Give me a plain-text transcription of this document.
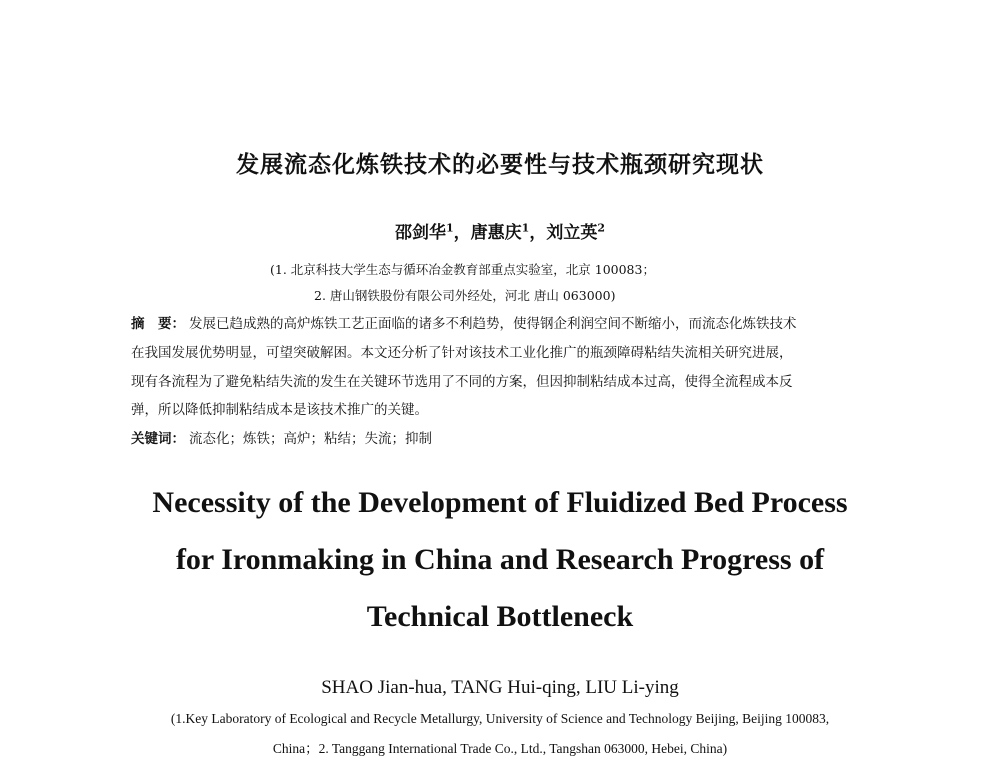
发展流态化炼铁技术的必要性与技术瓶颈研究现状
邵剑华$^1$，唐惠庆$^1$，刘立英$^2$
(1. 北京科技大学生态与循环冶金教育部重点实验室，北京 100083；
2. 唐山钢铁股份有限公司外经处，河北 唐山 063000)
摘　要： 发展已趋成熟的高炉炼铁工艺正面临的诸多不利趋势，使得钢企利润空间不断缩小，而流态化炼铁技术
在我国发展优势明显，可望突破解困。本文还分析了针对该技术工业化推广的瓶颈障碍粘结失流相关研究进展，
现有各流程为了避免粘结失流的发生在关键环节选用了不同的方案，但因抑制粘结成本过高，使得全流程成本反
弹，所以降低抑制粘结成本是该技术推广的关键。
关键词： 流态化；炼铁；高炉；粘结；失流；抑制
Necessity of the Development of Fluidized Bed Process
for Ironmaking in China and Research Progress of
Technical Bottleneck
SHAO Jian-hua, TANG Hui-qing, LIU Li-ying
(1.Key Laboratory of Ecological and Recycle Metallurgy, University of Science and Technology Beijing, Beijing 100083,
China；2. Tanggang International Trade Co., Ltd., Tangshan 063000, Hebei, China)
